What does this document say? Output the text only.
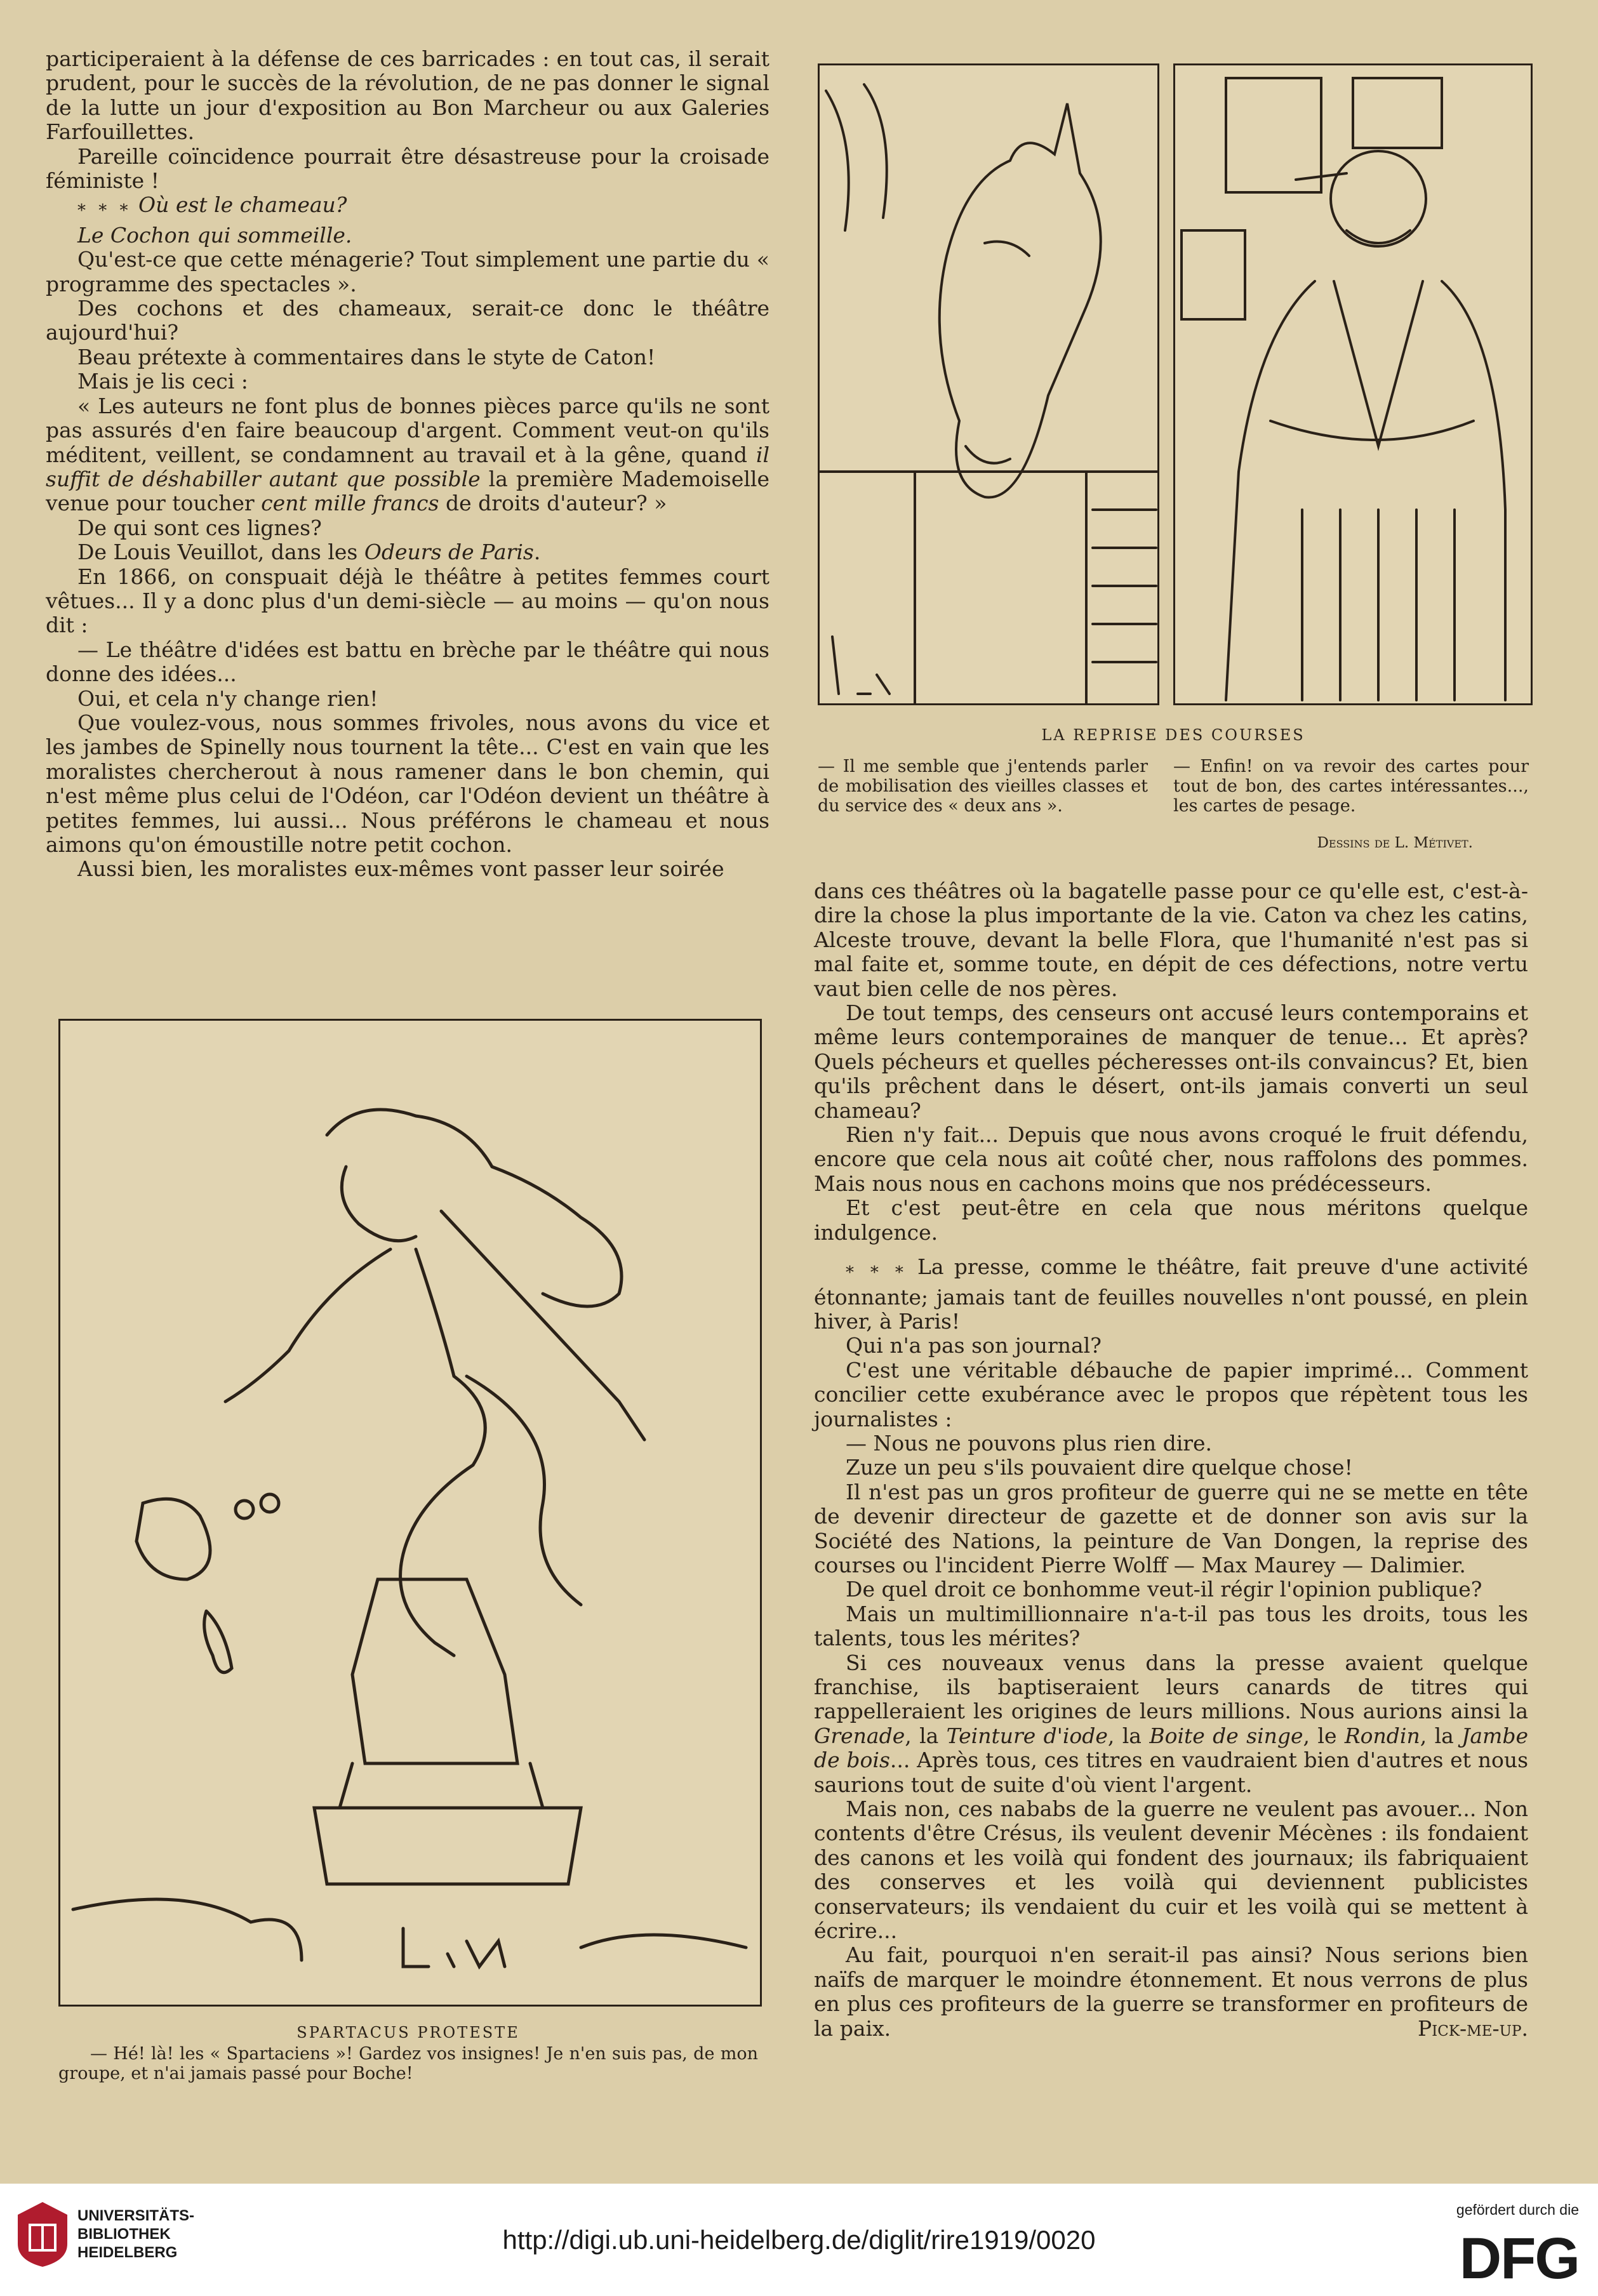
participeraient à la défense de ces barricades : en tout cas, il serait prudent, pour le succès de la révolution, de ne pas donner le signal de la lutte un jour d'exposition au Bon Marcheur ou aux Galeries Farfouillettes.

Pareille coïncidence pourrait être désastreuse pour la croisade féministe !

* * * Où est le chameau?

Le Cochon qui sommeille.

Qu'est-ce que cette ménagerie? Tout simplement une partie du « programme des spectacles ».

Des cochons et des chameaux, serait-ce donc le théâtre aujourd'hui?

Beau prétexte à commentaires dans le styte de Caton!

Mais je lis ceci :

« Les auteurs ne font plus de bonnes pièces parce qu'ils ne sont pas assurés d'en faire beaucoup d'argent. Comment veut-on qu'ils méditent, veillent, se condamnent au travail et à la gêne, quand il suffit de déshabiller autant que possible la première Mademoiselle venue pour toucher cent mille francs de droits d'auteur? »

De qui sont ces lignes?

De Louis Veuillot, dans les Odeurs de Paris.

En 1866, on conspuait déjà le théâtre à petites femmes court vêtues... Il y a donc plus d'un demi-siècle — au moins — qu'on nous dit :

— Le théâtre d'idées est battu en brèche par le théâtre qui nous donne des idées...

Oui, et cela n'y change rien!

Que voulez-vous, nous sommes frivoles, nous avons du vice et les jambes de Spinelly nous tournent la tête... C'est en vain que les moralistes chercherout à nous ramener dans le bon chemin, qui n'est même plus celui de l'Odéon, car l'Odéon devient un théâtre à petites femmes, lui aussi... Nous préférons le chameau et nous aimons qu'on émoustille notre petit cochon.

Aussi bien, les moralistes eux-mêmes vont passer leur soirée

LA REPRISE DES COURSES
— Il me semble que j'entends parler de mobilisation des vieilles classes et du service des « deux ans ».
— Enfin! on va revoir des cartes pour tout de bon, des cartes intéressantes..., les cartes de pesage.
Dessins de L. Métivet.

dans ces théâtres où la bagatelle passe pour ce qu'elle est, c'est-à-dire la chose la plus importante de la vie. Caton va chez les catins, Alceste trouve, devant la belle Flora, que l'humanité n'est pas si mal faite et, somme toute, en dépit de ces défections, notre vertu vaut bien celle de nos pères.

De tout temps, des censeurs ont accusé leurs contemporains et même leurs contemporaines de manquer de tenue... Et après? Quels pécheurs et quelles pécheresses ont-ils convaincus? Et, bien qu'ils prêchent dans le désert, ont-ils jamais converti un seul chameau?

Rien n'y fait... Depuis que nous avons croqué le fruit défendu, encore que cela nous ait coûté cher, nous raffolons des pommes. Mais nous nous en cachons moins que nos prédécesseurs.

Et c'est peut-être en cela que nous méritons quelque indulgence.

* * * La presse, comme le théâtre, fait preuve d'une activité étonnante; jamais tant de feuilles nouvelles n'ont poussé, en plein hiver, à Paris!

Qui n'a pas son journal?

C'est une véritable débauche de papier imprimé... Comment concilier cette exubérance avec le propos que répètent tous les journalistes :

— Nous ne pouvons plus rien dire.

Zuze un peu s'ils pouvaient dire quelque chose!

Il n'est pas un gros profiteur de guerre qui ne se mette en tête de devenir directeur de gazette et de donner son avis sur la Société des Nations, la peinture de Van Dongen, la reprise des courses ou l'incident Pierre Wolff — Max Maurey — Dalimier.

De quel droit ce bonhomme veut-il régir l'opinion publique?

Mais un multimillionnaire n'a-t-il pas tous les droits, tous les talents, tous les mérites?

Si ces nouveaux venus dans la presse avaient quelque franchise, ils baptiseraient leurs canards de titres qui rappelleraient les origines de leurs millions. Nous aurions ainsi la Grenade, la Teinture d'iode, la Boite de singe, le Rondin, la Jambe de bois... Après tous, ces titres en vaudraient bien d'autres et nous saurions tout de suite d'où vient l'argent.

Mais non, ces nababs de la guerre ne veulent pas avouer... Non contents d'être Crésus, ils veulent devenir Mécènes : ils fondaient des canons et les voilà qui fondent des journaux; ils fabriquaient des conserves et les voilà qui deviennent publicistes conservateurs; ils vendaient du cuir et les voilà qui se mettent à écrire...

Au fait, pourquoi n'en serait-il pas ainsi? Nous serions bien naïfs de marquer le moindre étonnement. Et nous verrons de plus en plus ces profiteurs de la guerre se transformer en profiteurs de la paix.	Pick-me-up.

SPARTACUS PROTESTE
— Hé! là! les « Spartaciens »! Gardez vos insignes! Je n'en suis pas, de mon groupe, et n'ai jamais passé pour Boche!
UNIVERSITÄTS-
BIBLIOTHEK
HEIDELBERG	http://digi.ub.uni-heidelberg.de/diglit/rire1919/0020
gefördert durch die
DFG
